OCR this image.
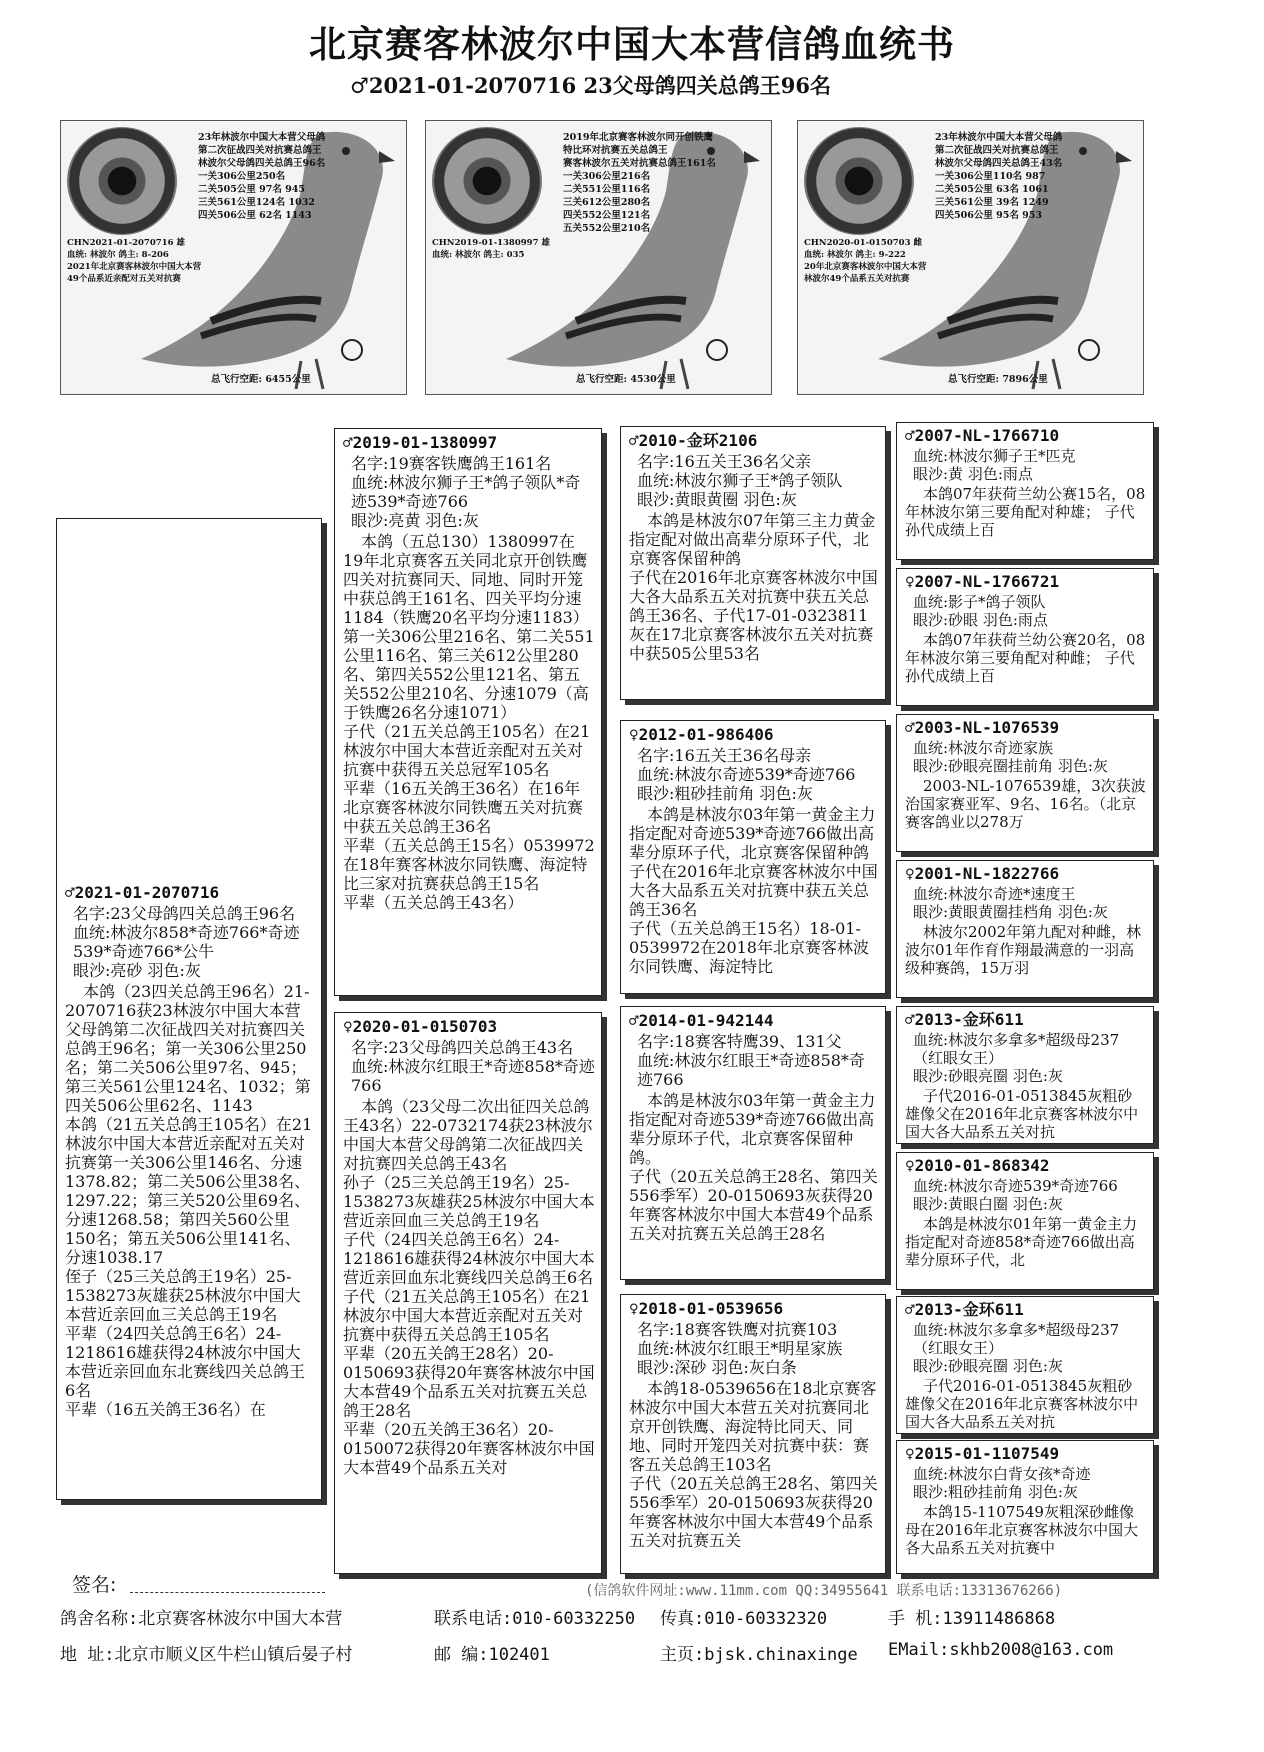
北京赛客林波尔中国大本营信鸽血统书
♂2021-01-2070716 23父母鸽四关总鸽王96名
23年林波尔中国大本营父母鸽
第二次征战四关对抗赛总鸽王
林波尔父母鸽四关总鸽王96名
一关306公里250名
二关505公里 97名 945
三关561公里124名 1032
四关506公里 62名 1143
CHN2021-01-2070716 雄
血统: 林波尔 鸽主: 8-206
2021年北京赛客林波尔中国大本营
49个品系近亲配对五关对抗赛
总飞行空距: 6455公里
2019年北京赛客林波尔同开创铁鹰
特比环对抗赛五关总鸽王
赛客林波尔五关对抗赛总鸽王161名
一关306公里216名
二关551公里116名
三关612公里280名
四关552公里121名
五关552公里210名
CHN2019-01-1380997 雄
血统: 林波尔 鸽主: 035
总飞行空距: 4530公里
23年林波尔中国大本营父母鸽
第二次征战四关对抗赛总鸽王
林波尔父母鸽四关总鸽王43名
一关306公里110名 987
二关505公里 63名 1061
三关561公里 39名 1249
四关506公里 95名 953
CHN2020-01-0150703 雌
血统: 林波尔 鸽主: 9-222
20年北京赛客林波尔中国大本营
林波尔49个品系五关对抗赛
总飞行空距: 7896公里
♂2021-01-2070716
名字:23父母鸽四关总鸽王96名
血统:林波尔858*奇迹766*奇迹539*奇迹766*公牛
眼沙:亮砂 羽色:灰
本鸽（23四关总鸽王96名）21-2070716获23林波尔中国大本营父母鸽第二次征战四关对抗赛四关总鸽王96名；第一关306公里250名；第二关506公里97名、945；第三关561公里124名、1032；第四关506公里62名、1143
本鸽（21五关总鸽王105名）在21林波尔中国大本营近亲配对五关对抗赛第一关306公里146名、分速1378.82；第二关506公里38名、1297.22；第三关520公里69名、分速1268.58；第四关560公里150名；第五关506公里141名、分速1038.17
侄子（25三关总鸽王19名）25-1538273灰雄获25林波尔中国大本营近亲回血三关总鸽王19名
平辈（24四关总鸽王6名）24-1218616雄获得24林波尔中国大本营近亲回血东北赛线四关总鸽王6名
平辈（16五关鸽王36名）在
♂2019-01-1380997
名字:19赛客铁鹰鸽王161名
血统:林波尔狮子王*鸽子领队*奇迹539*奇迹766
眼沙:亮黄 羽色:灰
本鸽（五总130）1380997在19年北京赛客五关同北京开创铁鹰四关对抗赛同天、同地、同时开笼中获总鸽王161名、四关平均分速1184（铁鹰20名平均分速1183）第一关306公里216名、第二关551公里116名、第三关612公里280名、第四关552公里121名、第五关552公里210名、分速1079（高于铁鹰26名分速1071）
子代（21五关总鸽王105名）在21林波尔中国大本营近亲配对五关对抗赛中获得五关总冠军105名
平辈（16五关鸽王36名）在16年北京赛客林波尔同铁鹰五关对抗赛中获五关总鸽王36名
平辈（五关总鸽王15名）0539972在18年赛客林波尔同铁鹰、海淀特比三家对抗赛获总鸽王15名
平辈（五关总鸽王43名）
♀2020-01-0150703
名字:23父母鸽四关总鸽王43名
血统:林波尔红眼王*奇迹858*奇迹766
本鸽（23父母二次出征四关总鸽王43名）22-0732174获23林波尔中国大本营父母鸽第二次征战四关对抗赛四关总鸽王43名
孙子（25三关总鸽王19名）25-1538273灰雄获25林波尔中国大本营近亲回血三关总鸽王19名
子代（24四关总鸽王6名）24-1218616雄获得24林波尔中国大本营近亲回血东北赛线四关总鸽王6名
子代（21五关总鸽王105名）在21林波尔中国大本营近亲配对五关对抗赛中获得五关总鸽王105名
平辈（20五关鸽王28名）20-0150693获得20年赛客林波尔中国大本营49个品系五关对抗赛五关总鸽王28名
平辈（20五关鸽王36名）20-0150072获得20年赛客林波尔中国大本营49个品系五关对
♂2010-金环2106
名字:16五关王36名父亲
血统:林波尔狮子王*鸽子领队
眼沙:黄眼黄圈 羽色:灰
本鸽是林波尔07年第三主力黄金指定配对做出高辈分原环子代，北京赛客保留种鸽
子代在2016年北京赛客林波尔中国大各大品系五关对抗赛中获五关总鸽王36名、子代17-01-0323811灰在17北京赛客林波尔五关对抗赛中获505公里53名
♀2012-01-986406
名字:16五关王36名母亲
血统:林波尔奇迹539*奇迹766
眼沙:粗砂挂前角 羽色:灰
本鸽是林波尔03年第一黄金主力指定配对奇迹539*奇迹766做出高辈分原环子代，北京赛客保留种鸽
子代在2016年北京赛客林波尔中国大各大品系五关对抗赛中获五关总鸽王36名
子代（五关总鸽王15名）18-01-0539972在2018年北京赛客林波尔同铁鹰、海淀特比
♂2014-01-942144
名字:18赛客特鹰39、131父
血统:林波尔红眼王*奇迹858*奇迹766
本鸽是林波尔03年第一黄金主力指定配对奇迹539*奇迹766做出高辈分原环子代，北京赛客保留种鸽。
子代（20五关总鸽王28名、第四关556季军）20-0150693灰获得20年赛客林波尔中国大本营49个品系五关对抗赛五关总鸽王28名
♀2018-01-0539656
名字:18赛客铁鹰对抗赛103
血统:林波尔红眼王*明星家族
眼沙:深砂 羽色:灰白条
本鸽18-0539656在18北京赛客林波尔中国大本营五关对抗赛同北京开创铁鹰、海淀特比同天、同地、同时开笼四关对抗赛中获：赛客五关总鸽王103名
子代（20五关总鸽王28名、第四关556季军）20-0150693灰获得20年赛客林波尔中国大本营49个品系五关对抗赛五关
♂2007-NL-1766710
血统:林波尔狮子王*匹克
眼沙:黄 羽色:雨点
本鸽07年获荷兰幼公赛15名，08年林波尔第三要角配对种雄； 子代孙代成绩上百
♀2007-NL-1766721
血统:影子*鸽子领队
眼沙:砂眼 羽色:雨点
本鸽07年获荷兰幼公赛20名，08年林波尔第三要角配对种雌； 子代孙代成绩上百
♂2003-NL-1076539
血统:林波尔奇迹家族
眼沙:砂眼亮圈挂前角 羽色:灰
2003-NL-1076539雄，3次获波治国家赛亚军、9名、16名。（北京赛客鸽业以278万
♀2001-NL-1822766
血统:林波尔奇迹*速度王
眼沙:黄眼黄圈挂档角 羽色:灰
林波尔2002年第九配对种雌，林波尔01年作育作翔最满意的一羽高级种赛鸽，15万羽
♂2013-金环611
血统:林波尔多拿多*超级母237（红眼女王）
眼沙:砂眼亮圈 羽色:灰
子代2016-01-0513845灰粗砂雄像父在2016年北京赛客林波尔中国大各大品系五关对抗
♀2010-01-868342
血统:林波尔奇迹539*奇迹766
眼沙:黄眼白圈 羽色:灰
本鸽是林波尔01年第一黄金主力指定配对奇迹858*奇迹766做出高辈分原环子代，北
♂2013-金环611
血统:林波尔多拿多*超级母237（红眼女王）
眼沙:砂眼亮圈 羽色:灰
子代2016-01-0513845灰粗砂雄像父在2016年北京赛客林波尔中国大各大品系五关对抗
♀2015-01-1107549
血统:林波尔白背女孩*奇迹
眼沙:粗砂挂前角 羽色:灰
本鸽15-1107549灰粗深砂雌像母在2016年北京赛客林波尔中国大各大品系五关对抗赛中
签名:	(信鸽软件网址:www.11mm.com QQ:34955641 联系电话:13313676266)
鸽舍名称:北京赛客林波尔中国大本营	联系电话:010-60332250 传真:010-60332320	手 机:13911486868
地 址:北京市顺义区牛栏山镇后晏子村	邮 编:102401	主页:bjsk.chinaxinge EMail:skhb2008@163.com
